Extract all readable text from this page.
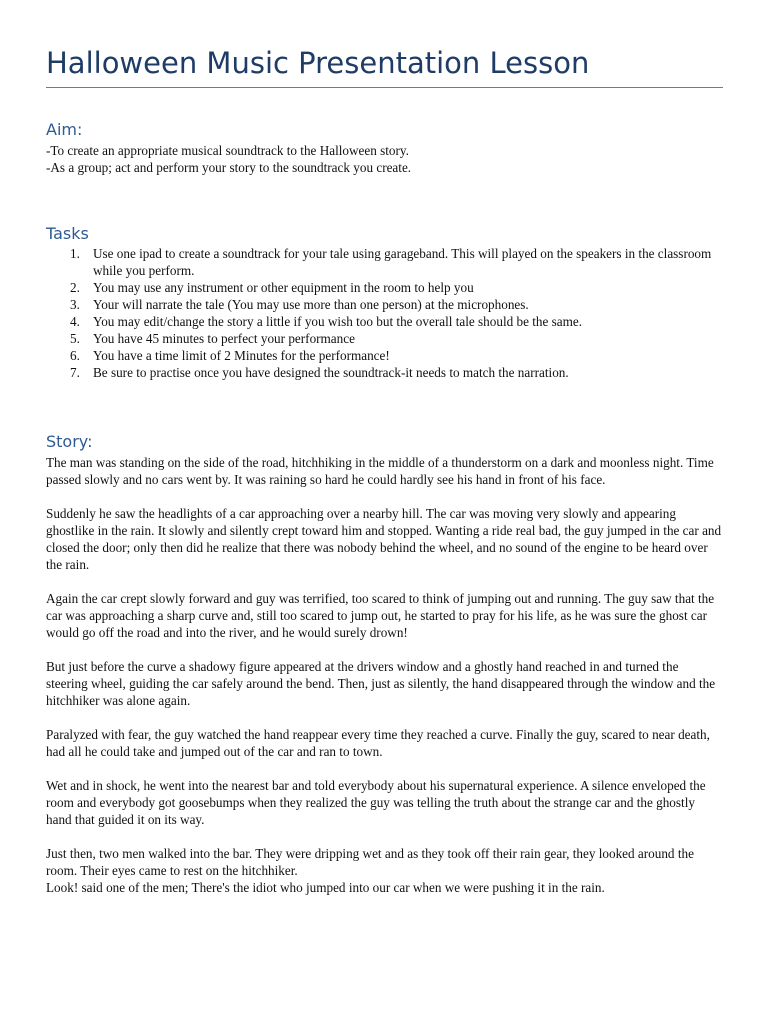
Halloween Music Presentation Lesson
Aim:
-To create an appropriate musical soundtrack to the Halloween story.
-As a group; act and perform your story to the soundtrack you create.
Tasks
1. Use one ipad to create a soundtrack for your tale using garageband. This will played on the speakers in the classroom while you perform.
2. You may use any instrument or other equipment in the room to help you
3. Your will narrate the tale (You may use more than one person) at the microphones.
4. You may edit/change the story a little if you wish too but the overall tale should be the same.
5. You have 45 minutes to perfect your performance
6. You have a time limit of 2 Minutes for the performance!
7. Be sure to practise once you have designed the soundtrack-it needs to match the narration.
Story:

The man was standing on the side of the road, hitchhiking in the middle of a thunderstorm on a dark and moonless night. Time passed slowly and no cars went by. It was raining so hard he could hardly see his hand in front of his face.

Suddenly he saw the headlights of a car approaching over a nearby hill. The car was moving very slowly and appearing ghostlike in the rain. It slowly and silently crept toward him and stopped. Wanting a ride real bad, the guy jumped in the car and closed the door; only then did he realize that there was nobody behind the wheel, and no sound of the engine to be heard over the rain.

Again the car crept slowly forward and guy was terrified, too scared to think of jumping out and running. The guy saw that the car was approaching a sharp curve and, still too scared to jump out, he started to pray for his life, as he was sure the ghost car would go off the road and into the river, and he would surely drown!

But just before the curve a shadowy figure appeared at the drivers window and a ghostly hand reached in and turned the steering wheel, guiding the car safely around the bend. Then, just as silently, the hand disappeared through the window and the hitchhiker was alone again.

Paralyzed with fear, the guy watched the hand reappear every time they reached a curve. Finally the guy, scared to near death, had all he could take and jumped out of the car and ran to town.

Wet and in shock, he went into the nearest bar and told everybody about his supernatural experience. A silence enveloped the room and everybody got goosebumps when they realized the guy was telling the truth about the strange car and the ghostly hand that guided it on its way.

Just then, two men walked into the bar. They were dripping wet and as they took off their rain gear, they looked around the room. Their eyes came to rest on the hitchhiker.

Look! said one of the men; There's the idiot who jumped into our car when we were pushing it in the rain.
